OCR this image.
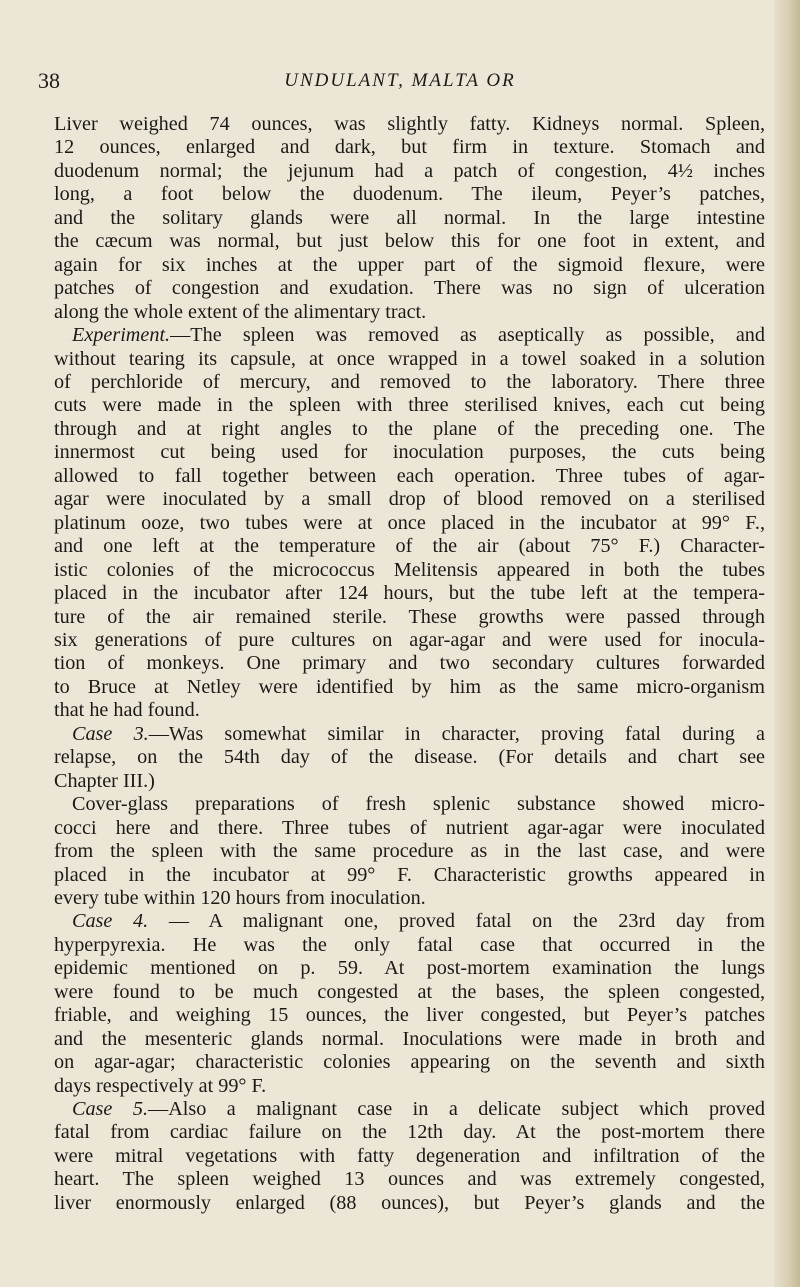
38	UNDULANT, MALTA OR
Liver weighed 74 ounces, was slightly fatty. Kidneys normal. Spleen,
12 ounces, enlarged and dark, but firm in texture. Stomach and
duodenum normal; the jejunum had a patch of congestion, 4½ inches
long, a foot below the duodenum. The ileum, Peyer’s patches,
and the solitary glands were all normal. In the large intestine
the cæcum was normal, but just below this for one foot in extent, and
again for six inches at the upper part of the sigmoid flexure, were
patches of congestion and exudation. There was no sign of ulceration
along the whole extent of the alimentary tract.
Experiment.—The spleen was removed as aseptically as possible, and
without tearing its capsule, at once wrapped in a towel soaked in a solution
of perchloride of mercury, and removed to the laboratory. There three
cuts were made in the spleen with three sterilised knives, each cut being
through and at right angles to the plane of the preceding one. The
innermost cut being used for inoculation purposes, the cuts being
allowed to fall together between each operation. Three tubes of agar-
agar were inoculated by a small drop of blood removed on a sterilised
platinum ooze, two tubes were at once placed in the incubator at 99° F.,
and one left at the temperature of the air (about 75° F.) Character-
istic colonies of the micrococcus Melitensis appeared in both the tubes
placed in the incubator after 124 hours, but the tube left at the tempera-
ture of the air remained sterile. These growths were passed through
six generations of pure cultures on agar-agar and were used for inocula-
tion of monkeys. One primary and two secondary cultures forwarded
to Bruce at Netley were identified by him as the same micro-organism
that he had found.
Case 3.—Was somewhat similar in character, proving fatal during a
relapse, on the 54th day of the disease. (For details and chart see
Chapter III.)
Cover-glass preparations of fresh splenic substance showed micro-
cocci here and there. Three tubes of nutrient agar-agar were inoculated
from the spleen with the same procedure as in the last case, and were
placed in the incubator at 99° F. Characteristic growths appeared in
every tube within 120 hours from inoculation.
Case 4. — A malignant one, proved fatal on the 23rd day from
hyperpyrexia. He was the only fatal case that occurred in the
epidemic mentioned on p. 59. At post-mortem examination the lungs
were found to be much congested at the bases, the spleen congested,
friable, and weighing 15 ounces, the liver congested, but Peyer’s patches
and the mesenteric glands normal. Inoculations were made in broth and
on agar-agar; characteristic colonies appearing on the seventh and sixth
days respectively at 99° F.
Case 5.—Also a malignant case in a delicate subject which proved
fatal from cardiac failure on the 12th day. At the post-mortem there
were mitral vegetations with fatty degeneration and infiltration of the
heart. The spleen weighed 13 ounces and was extremely congested,
liver enormously enlarged (88 ounces), but Peyer’s glands and the
